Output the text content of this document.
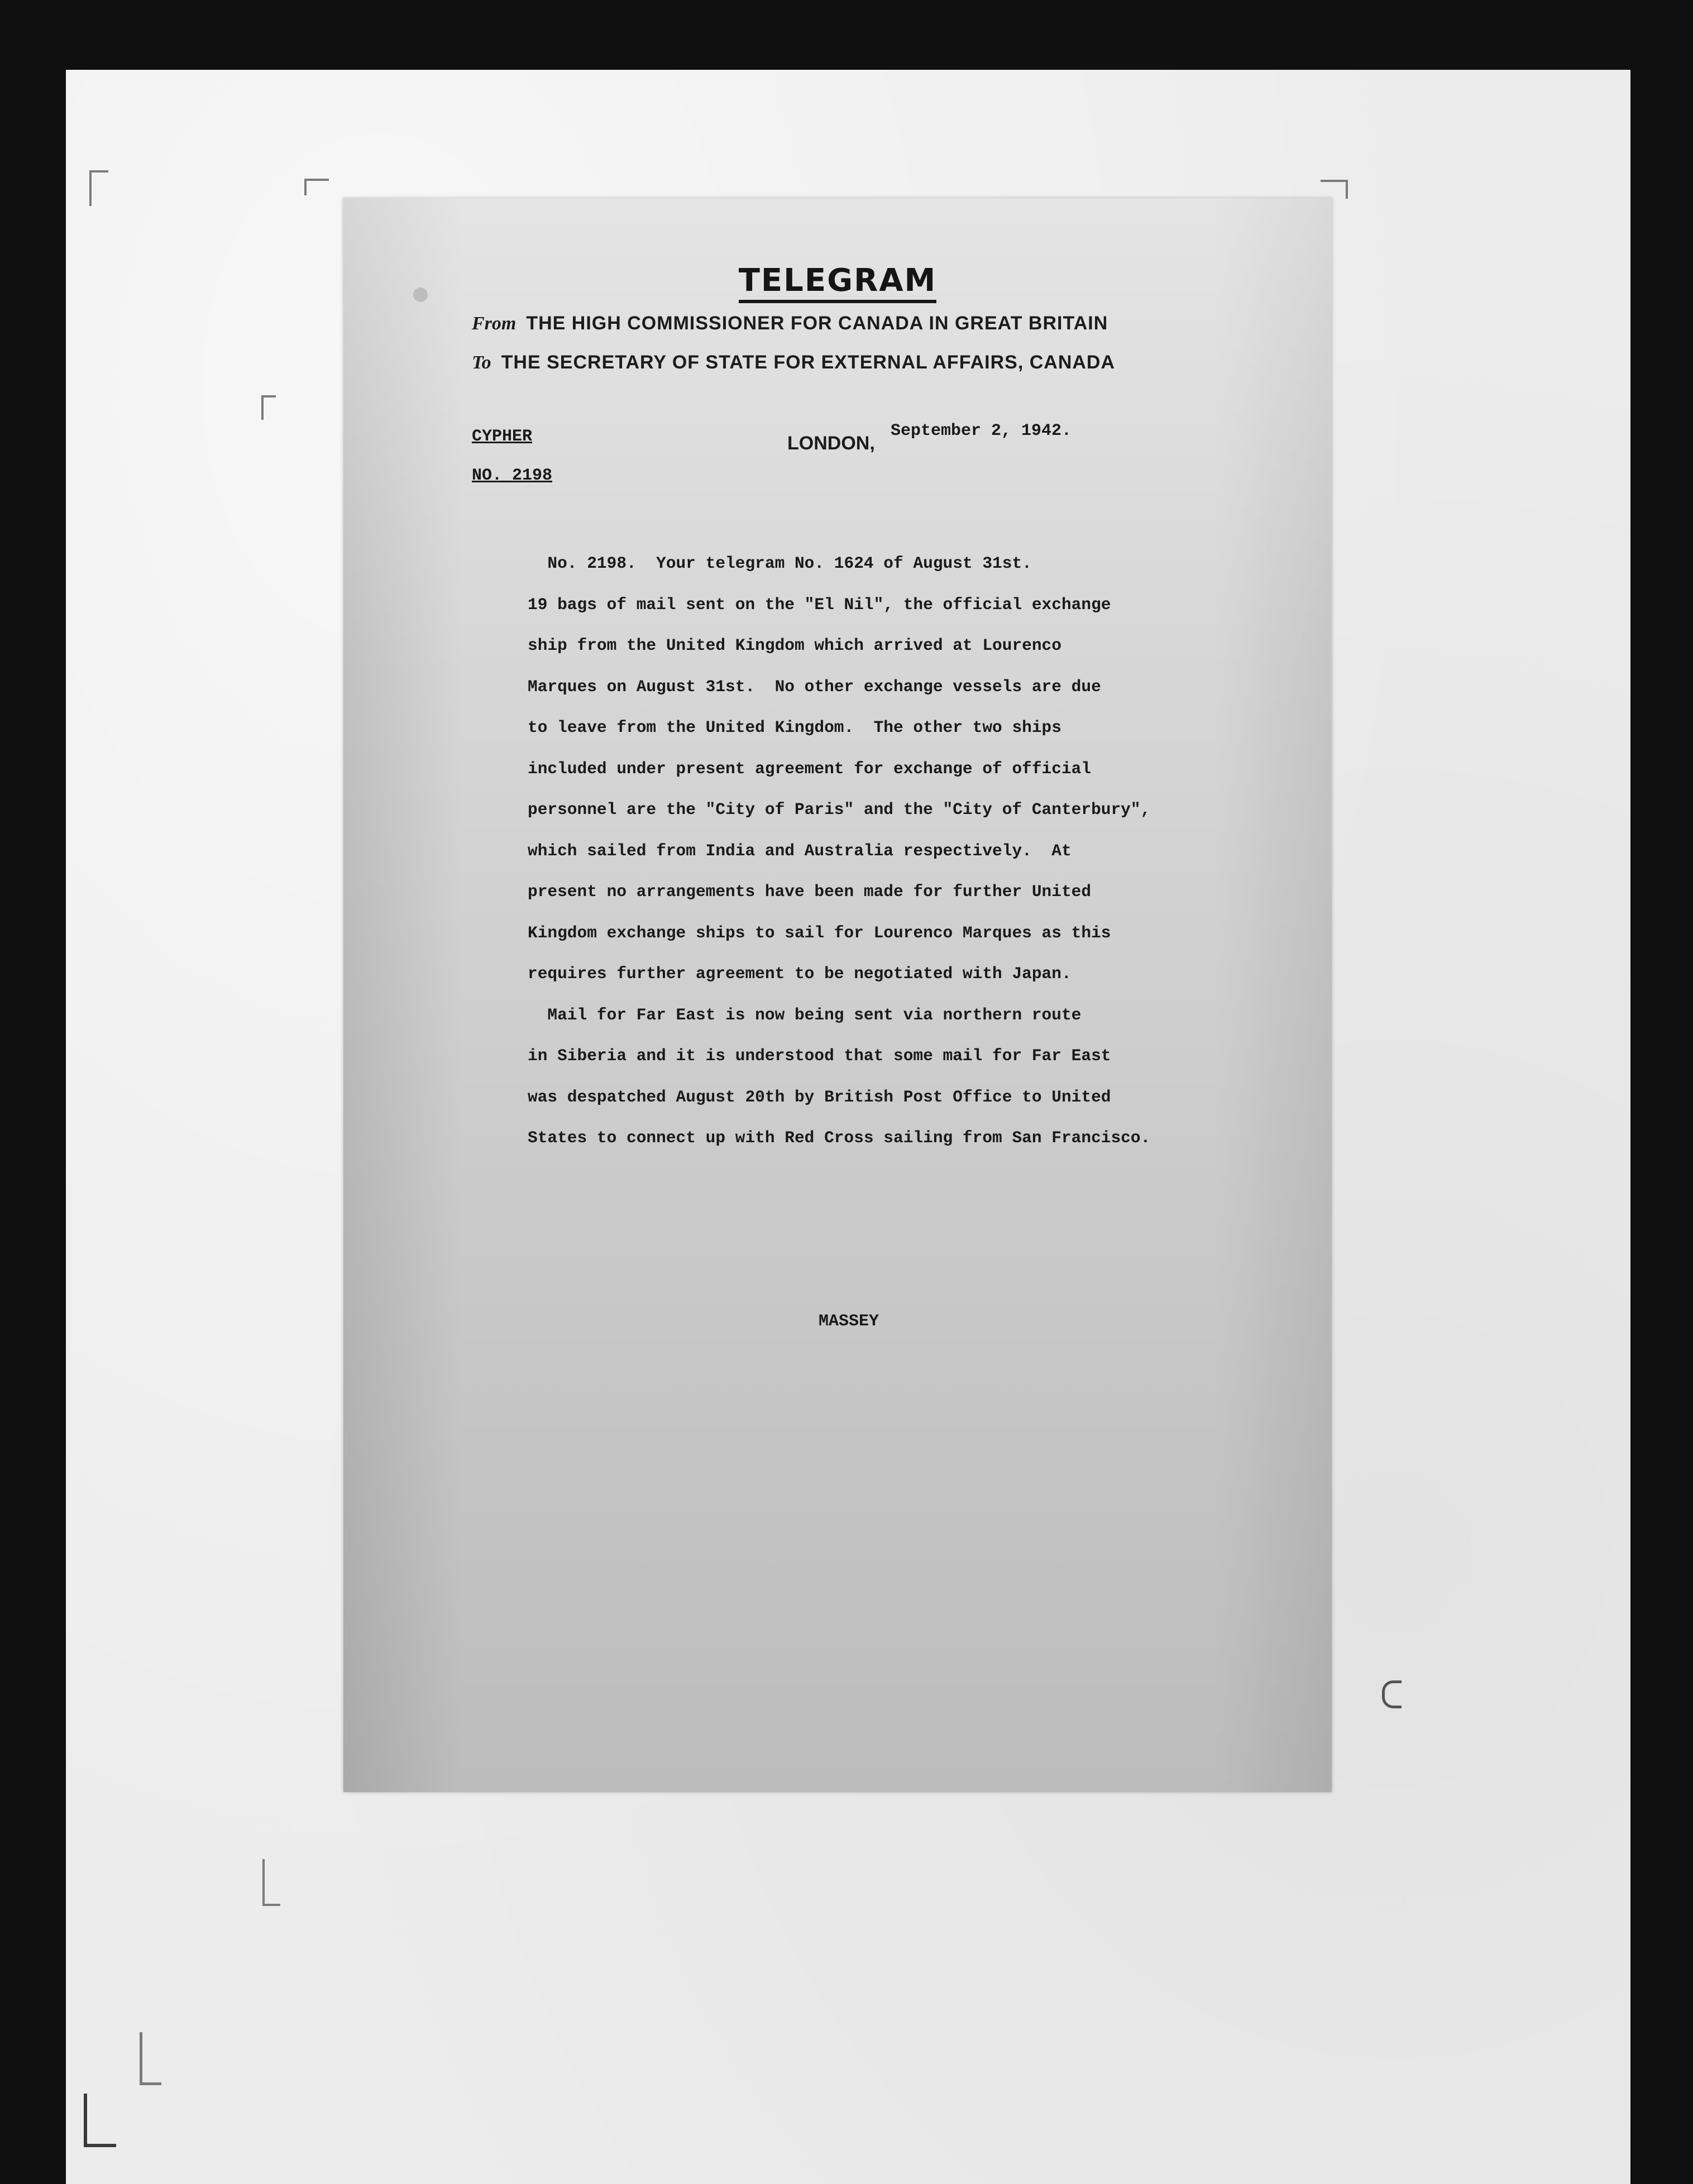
TELEGRAM
From THE HIGH COMMISSIONER FOR CANADA IN GREAT BRITAIN
To THE SECRETARY OF STATE FOR EXTERNAL AFFAIRS, CANADA
CYPHER
NO. 2198
LONDON,
September 2, 1942.

No. 2198.  Your telegram No. 1624 of August 31st.
19 bags of mail sent on the "El Nil", the official exchange
ship from the United Kingdom which arrived at Lourenco
Marques on August 31st.  No other exchange vessels are due
to leave from the United Kingdom.  The other two ships
included under present agreement for exchange of official
personnel are the "City of Paris" and the "City of Canterbury",
which sailed from India and Australia respectively.  At
present no arrangements have been made for further United
Kingdom exchange ships to sail for Lourenco Marques as this
requires further agreement to be negotiated with Japan.

Mail for Far East is now being sent via northern route
in Siberia and it is understood that some mail for Far East
was despatched August 20th by British Post Office to United
States to connect up with Red Cross sailing from San Francisco.

MASSEY
